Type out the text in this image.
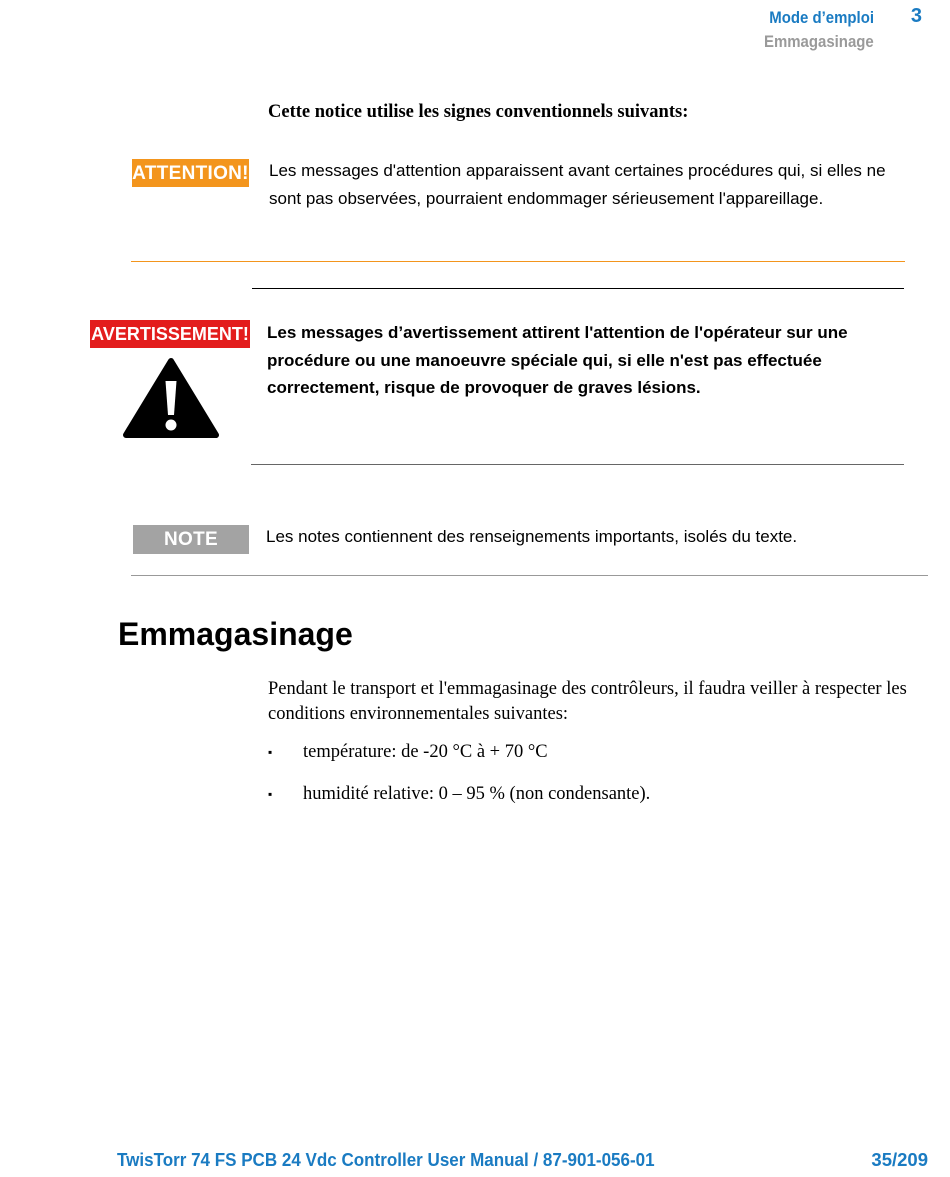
Mode d’emploi 3
Emmagasinage
Cette notice utilise les signes conventionnels suivants:
ATTENTION! Les messages d'attention apparaissent avant certaines procédures qui, si elles ne sont pas observées, pourraient endommager sérieusement l'appareillage.
AVERTISSEMENT! Les messages d’avertissement attirent l'attention de l'opérateur sur une procédure ou une manoeuvre spéciale qui, si elle n'est pas effectuée correctement, risque de provoquer de graves lésions.
NOTE	Les notes contiennent des renseignements importants, isolés du texte.
Emmagasinage
Pendant le transport et l'emmagasinage des contrôleurs, il faudra veiller à respecter les conditions environnementales suivantes:
▪ température: de -20 °C à + 70 °C
▪ humidité relative: 0 – 95 % (non condensante).
TwisTorr 74 FS PCB 24 Vdc Controller User Manual / 87-901-056-01	35/209
